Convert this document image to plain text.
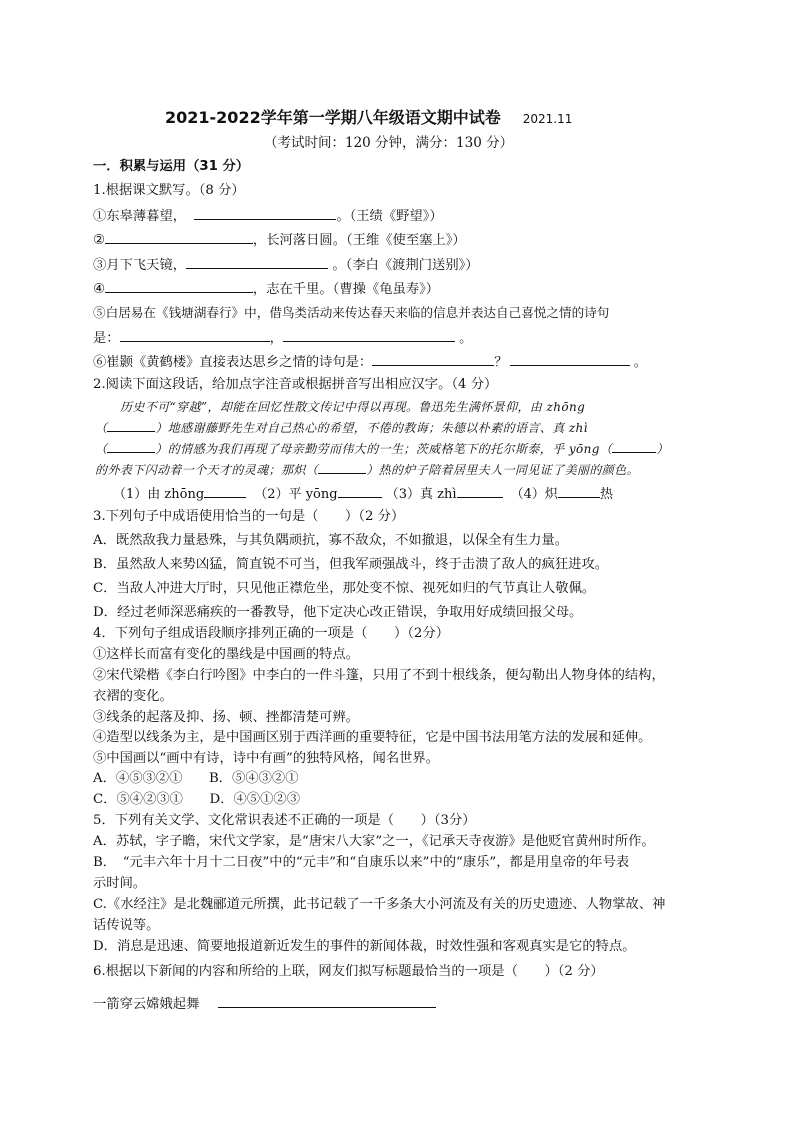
2021-2022学年第一学期八年级语文期中试卷 2021.11
（考试时间：120 分钟，满分：130 分）
一．积累与运用（31 分）
1.根据课文默写。（8 分）
①东皋薄暮望，	。（王绩《野望》）
②	，长河落日圆。（王维《使至塞上》）
③月下飞天镜，	。（李白《渡荆门送别》）
④	，志在千里。（曹操《龟虽寿》）
⑤白居易在《钱塘湖春行》中，借鸟类活动来传达春天来临的信息并表达自己喜悦之情的诗句
是：	，	。
⑥崔颢《黄鹤楼》直接表达思乡之情的诗句是：	？	。
2.阅读下面这段话，给加点字注音或根据拼音写出相应汉字。（4 分）
历史不可“穿越”，却能在回忆性散文传记中得以再现。鲁迅先生满怀景仰，由 zhōng
（	）地感谢藤野先生对自己热心的希望，不倦的教诲；朱德以朴素的语言、真 zhì
（	）的情感为我们再现了母亲勤劳而伟大的一生；茨威格笔下的托尔斯泰，乎 yōng（	）
的外表下闪动着一个天才的灵魂；那炽（	）热的炉子陪着居里夫人一同见证了美丽的颜色。
（1）由 zhōng	（2）平 yōng	（3）真 zhì	（4）炽	热
3.下列句子中成语使用恰当的一句是（　　）（2 分）
A．既然敌我力量悬殊，与其负隅顽抗，寡不敌众，不如撤退，以保全有生力量。
B．虽然敌人来势凶猛，简直锐不可当，但我军顽强战斗，终于击溃了敌人的疯狂进攻。
C．当敌人冲进大厅时，只见他正襟危坐，那处变不惊、视死如归的气节真让人敬佩。
D．经过老师深恶痛疾的一番教导，他下定决心改正错误，争取用好成绩回报父母。
4．下列句子组成语段顺序排列正确的一项是（　　）（2分）
①这样长而富有变化的墨线是中国画的特点。
②宋代梁楷《李白行吟图》中李白的一件斗篷，只用了不到十根线条，便勾勒出人物身体的结构，
衣褶的变化。
③线条的起落及抑、扬、顿、挫都清楚可辨。
④造型以线条为主，是中国画区别于西洋画的重要特征，它是中国书法用笔方法的发展和延伸。
⑤中国画以“画中有诗，诗中有画”的独特风格，闻名世界。
A．④⑤③②①　　B．⑤④③②①
C．⑤④②③①　　D．④⑤①②③
5．下列有关文学、文化常识表述不正确的一项是（　　）（3分）
A．苏轼，字子瞻，宋代文学家，是“唐宋八大家”之一，《记承天寺夜游》是他贬官黄州时所作。
B．　“元丰六年十月十二日夜”中的“元丰”和“自康乐以来”中的“康乐”，都是用皇帝的年号表
示时间。
C.《水经注》是北魏郦道元所撰，此书记载了一千多条大小河流及有关的历史遗迹、人物掌故、神
话传说等。
D．消息是迅速、简要地报道新近发生的事件的新闻体裁，时效性强和客观真实是它的特点。
6.根据以下新闻的内容和所给的上联，网友们拟写标题最恰当的一项是（　　）（2 分）
一箭穿云嫦娥起舞
